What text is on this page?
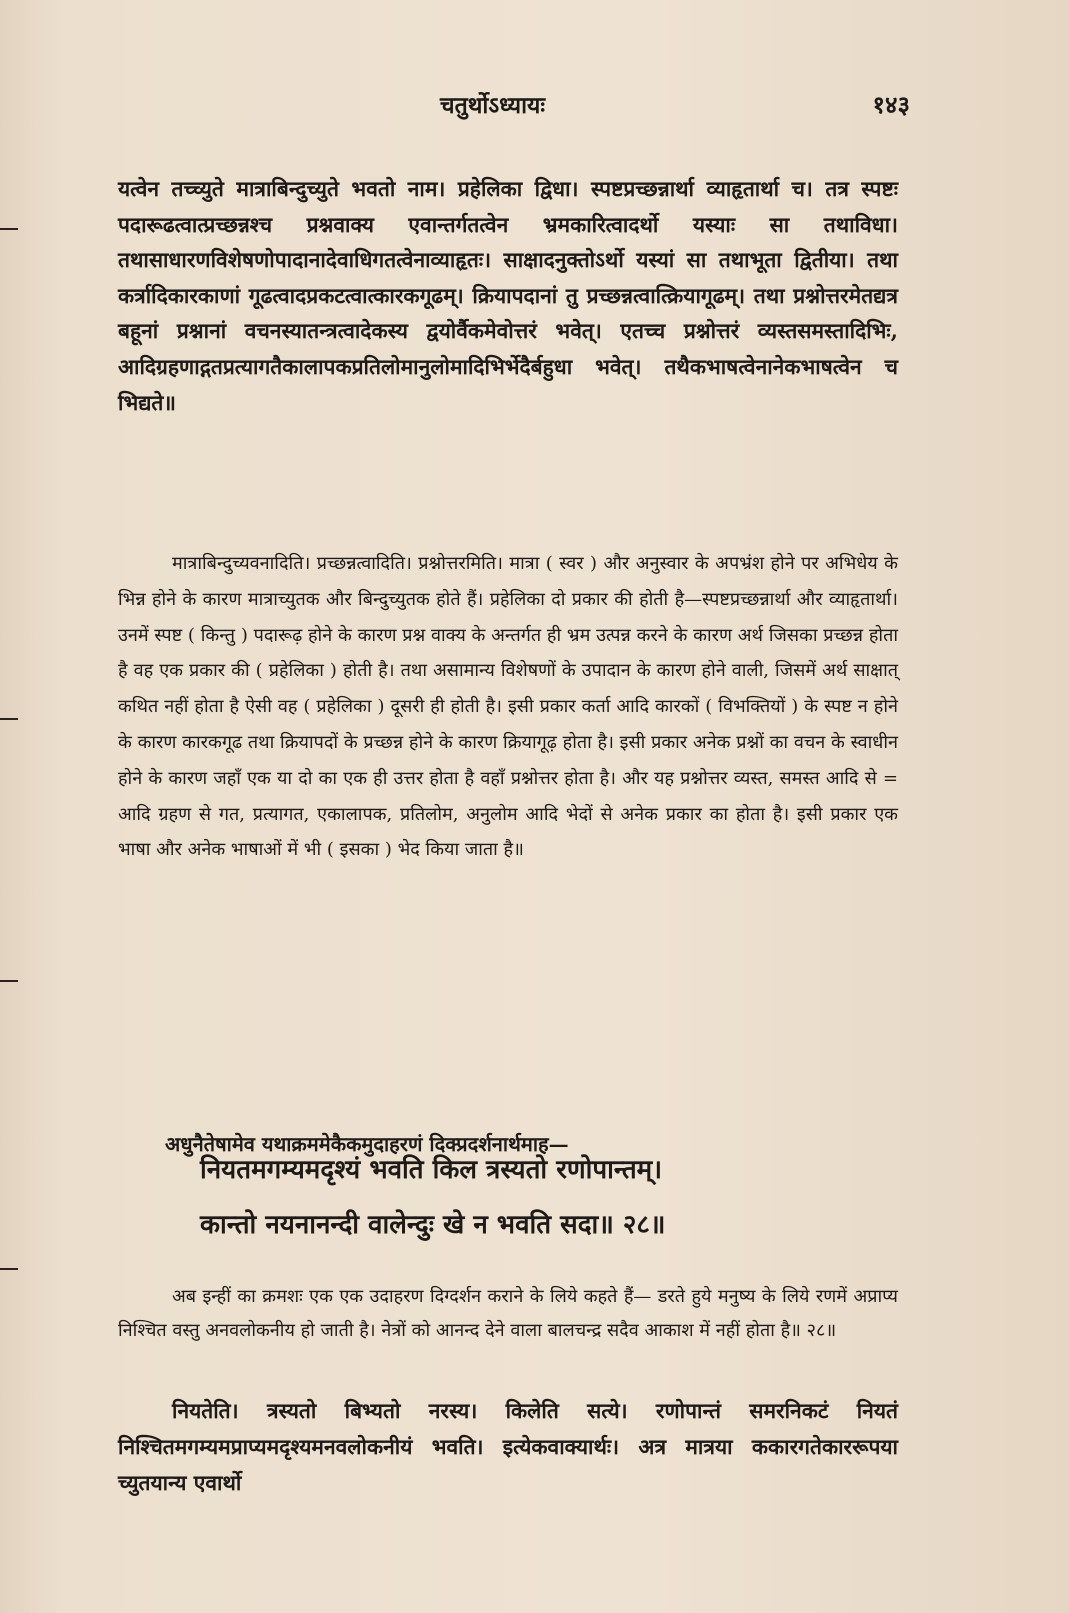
चतुर्थोऽध्यायः	१४३

यत्वेन तच्च्युते मात्राबिन्दुच्युते भवतो नाम। प्रहेलिका द्विधा। स्पष्टप्रच्छन्नार्था व्याहृतार्था च। तत्र स्पष्टः पदारूढत्वात्प्रच्छन्नश्च प्रश्नवाक्य एवान्तर्गतत्वेन भ्रमकारित्वादर्थो यस्याः सा तथाविधा। तथासाधारणविशेषणोपादानादेवाधिगतत्वेनाव्याहृतः। साक्षादनुक्तोऽर्थो यस्यां सा तथाभूता द्वितीया। तथा कर्त्रादिकारकाणां गूढत्वादप्रकटत्वात्कारकगूढम्। क्रियापदानां तु प्रच्छन्नत्वात्क्रियागूढम्। तथा प्रश्नोत्तरमेतद्यत्र बहूनां प्रश्नानां वचनस्यातन्त्रत्वादेकस्य द्वयोर्वैकमेवोत्तरं भवेत्। एतच्च प्रश्नोत्तरं व्यस्तसमस्तादिभिः, आदिग्रहणाद्गतप्रत्यागतैकालापकप्रतिलोमानुलोमादिभिर्भेदैर्बहुधा भवेत्। तथैकभाषत्वेनानेकभाषत्वेन च भिद्यते॥

मात्राबिन्दुच्यवनादिति। प्रच्छन्नत्वादिति। प्रश्नोत्तरमिति। मात्रा ( स्वर ) और अनुस्वार के अपभ्रंश होने पर अभिधेय के भिन्न होने के कारण मात्राच्युतक और बिन्दुच्युतक होते हैं। प्रहेलिका दो प्रकार की होती है—स्पष्टप्रच्छन्नार्था और व्याहृतार्था। उनमें स्पष्ट ( किन्तु ) पदारूढ़ होने के कारण प्रश्न वाक्य के अन्तर्गत ही भ्रम उत्पन्न करने के कारण अर्थ जिसका प्रच्छन्न होता है वह एक प्रकार की ( प्रहेलिका ) होती है। तथा असामान्य विशेषणों के उपादान के कारण होने वाली, जिसमें अर्थ साक्षात् कथित नहीं होता है ऐसी वह ( प्रहेलिका ) दूसरी ही होती है। इसी प्रकार कर्ता आदि कारकों ( विभक्तियों ) के स्पष्ट न होने के कारण कारकगूढ तथा क्रियापदों के प्रच्छन्न होने के कारण क्रियागूढ़ होता है। इसी प्रकार अनेक प्रश्नों का वचन के स्वाधीन होने के कारण जहाँ एक या दो का एक ही उत्तर होता है वहाँ प्रश्नोत्तर होता है। और यह प्रश्नोत्तर व्यस्त, समस्त आदि से = आदि ग्रहण से गत, प्रत्यागत, एकालापक, प्रतिलोम, अनुलोम आदि भेदों से अनेक प्रकार का होता है। इसी प्रकार एक भाषा और अनेक भाषाओं में भी ( इसका ) भेद किया जाता है॥

अधुनैतेषामेव यथाक्रममेकैकमुदाहरणं दिक्प्रदर्शनार्थमाह—

नियतमगम्यमदृश्यं भवति किल त्रस्यतो रणोपान्तम्।
कान्तो नयनानन्दी वालेन्दुः खे न भवति सदा॥ २८॥

अब इन्हीं का क्रमशः एक एक उदाहरण दिग्दर्शन कराने के लिये कहते हैं— डरते हुये मनुष्य के लिये रणमें अप्राप्य निश्चित वस्तु अनवलोकनीय हो जाती है। नेत्रों को आनन्द देने वाला बालचन्द्र सदैव आकाश में नहीं होता है॥ २८॥

नियतेति। त्रस्यतो बिभ्यतो नरस्य। किलेति सत्ये। रणोपान्तं समरनिकटं नियतं निश्चितमगम्यमप्राप्यमदृश्यमनवलोकनीयं भवति। इत्येकवाक्यार्थः। अत्र मात्रया ककारगतेकाररूपया च्युतयान्य एवार्थो
